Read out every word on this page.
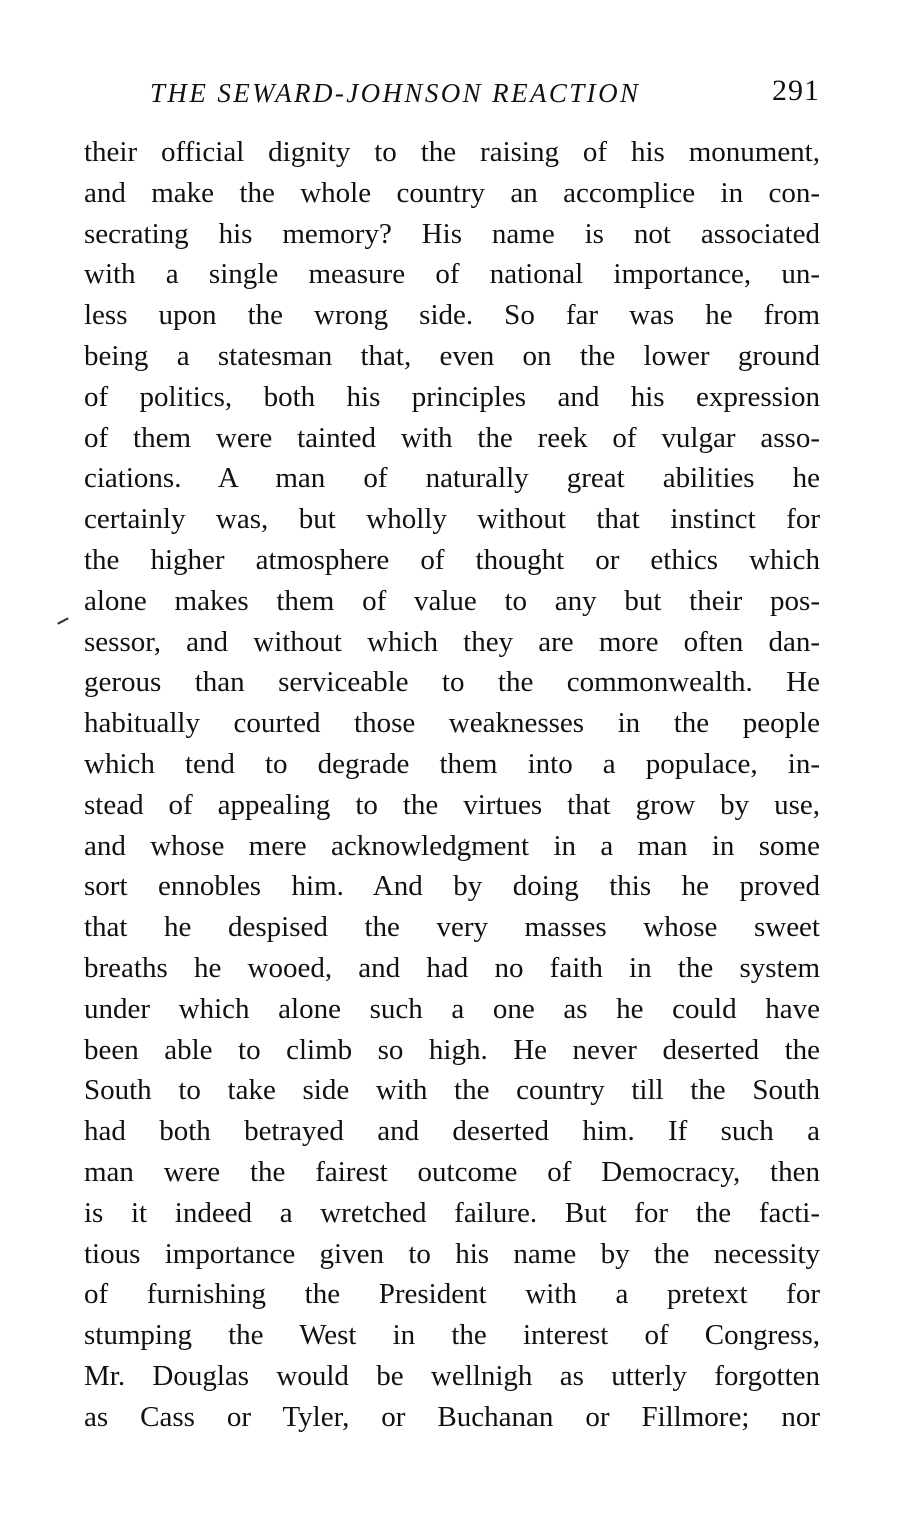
THE SEWARD-JOHNSON REACTION	291
their official dignity to the raising of his monument,
and make the whole country an accomplice in con-
secrating his memory? His name is not associated
with a single measure of national importance, un-
less upon the wrong side. So far was he from
being a statesman that, even on the lower ground
of politics, both his principles and his expression
of them were tainted with the reek of vulgar asso-
ciations. A man of naturally great abilities he
certainly was, but wholly without that instinct for
the higher atmosphere of thought or ethics which
alone makes them of value to any but their pos-
sessor, and without which they are more often dan-
gerous than serviceable to the commonwealth. He
habitually courted those weaknesses in the people
which tend to degrade them into a populace, in-
stead of appealing to the virtues that grow by use,
and whose mere acknowledgment in a man in some
sort ennobles him. And by doing this he proved
that he despised the very masses whose sweet
breaths he wooed, and had no faith in the system
under which alone such a one as he could have
been able to climb so high. He never deserted the
South to take side with the country till the South
had both betrayed and deserted him. If such a
man were the fairest outcome of Democracy, then
is it indeed a wretched failure. But for the facti-
tious importance given to his name by the necessity
of furnishing the President with a pretext for
stumping the West in the interest of Congress,
Mr. Douglas would be wellnigh as utterly forgotten
as Cass or Tyler, or Buchanan or Fillmore; nor
